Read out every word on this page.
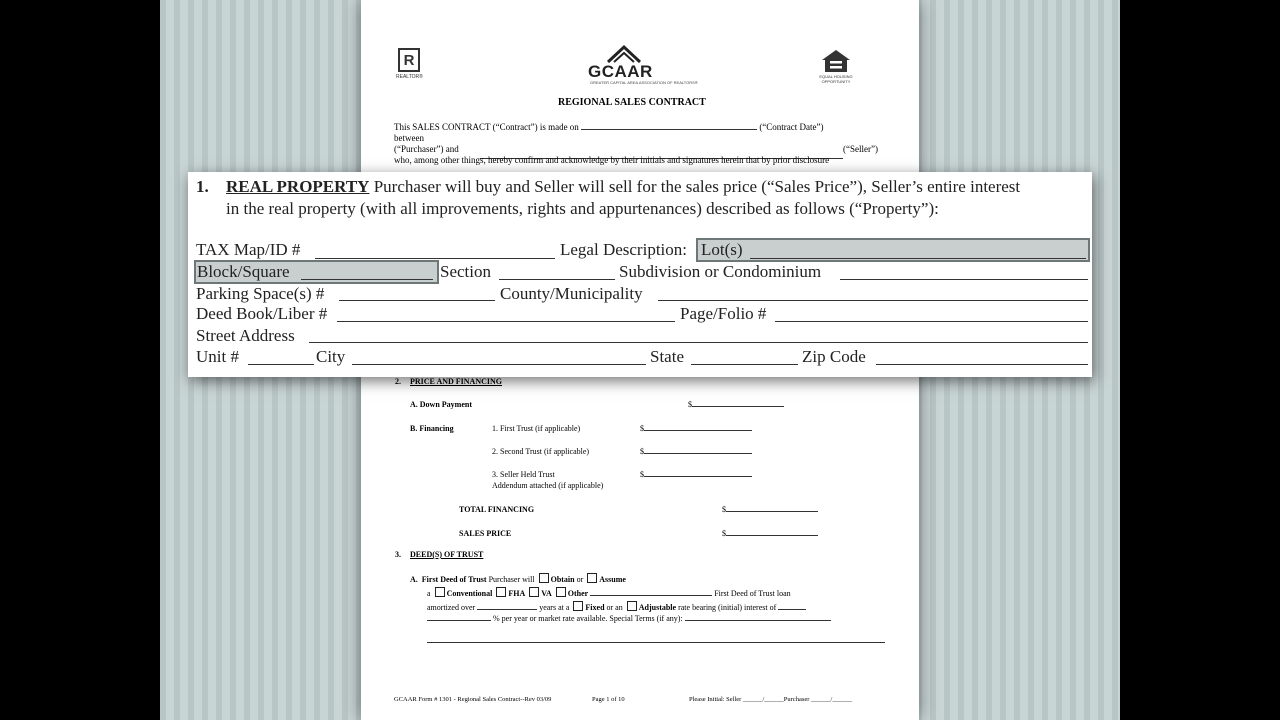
R
REALTOR®	GCAAR
GREATER CAPITAL AREA ASSOCIATION OF REALTORS®
EQUAL HOUSING OPPORTUNITY
REGIONAL SALES CONTRACT
This SALES CONTRACT (“Contract”) is made on	(“Contract Date”)
between
(“Purchaser”) and	(“Seller”)
who, among other things, hereby confirm and acknowledge by their initials and signatures herein that by prior disclosure
2. PRICE AND FINANCING
A. Down Payment	$
B. Financing	1. First Trust (if applicable)	$
2. Second Trust (if applicable)	$
3. Seller Held Trust	$
Addendum attached (if applicable)
TOTAL FINANCING	$
SALES PRICE	$
3. DEED(S) OF TRUST
A. First Deed of Trust Purchaser will Obtain or Assume
a Conventional FHA VA Other	First Deed of Trust loan
amortized over	years at a Fixed or an Adjustable rate bearing (initial) interest of
% per year or market rate available. Special Terms (if any):
GCAAR Form # 1301 - Regional Sales Contract--Rev 03/09	Page 1 of 10	Please Initial: Seller ______/______Purchaser ______/______
1. REAL PROPERTY Purchaser will buy and Seller will sell for the sales price (“Sales Price”), Seller’s entire interest
in the real property (with all improvements, rights and appurtenances) described as follows (“Property”):
TAX Map/ID #	Legal Description: Lot(s)
Block/Square	Section	Subdivision or Condominium
Parking Space(s) #	County/Municipality
Deed Book/Liber #	Page/Folio #
Street Address
Unit #	City	State	Zip Code
